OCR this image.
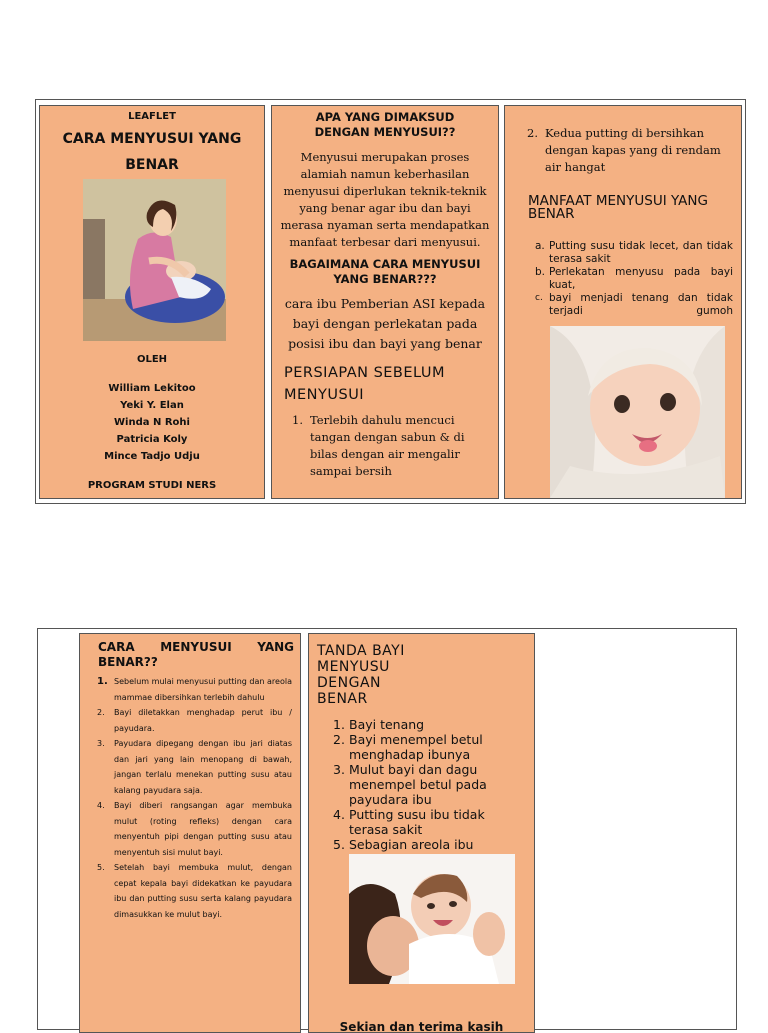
LEAFLET
CARA MENYUSUI YANG
BENAR
OLEH
William Lekitoo
Yeki Y. Elan
Winda N Rohi
Patricia Koly
Mince Tadjo Udju
PROGRAM STUDI NERS
APA YANG DIMAKSUD DENGAN MENYUSUI??
Menyusui merupakan proses alamiah namun keberhasilan menyusui diperlukan teknik-teknik yang benar agar ibu dan bayi merasa nyaman serta mendapatkan manfaat terbesar dari menyusui.
BAGAIMANA CARA MENYUSUI YANG BENAR???
cara ibu Pemberian ASI kepada bayi dengan perlekatan pada posisi ibu dan bayi yang benar
PERSIAPAN SEBELUM MENYUSUI
1. Terlebih dahulu mencuci tangan dengan sabun & di bilas dengan air mengalir sampai bersih
2. Kedua putting di bersihkan dengan kapas yang di rendam air hangat
MANFAAT MENYUSUI YANG BENAR
a. Putting susu tidak lecet, dan tidak terasa sakit
b. Perlekatan menyusu pada bayi kuat,
c. bayi menjadi tenang dan tidak terjadi gumoh
CARA MENYUSUI YANG BENAR??
1. Sebelum mulai menyusui putting dan areola mammae dibersihkan terlebih dahulu
2.	Bayi diletakkan menghadap perut ibu / payudara.
3.	Payudara dipegang dengan ibu jari diatas dan jari yang lain menopang di bawah, jangan terlalu menekan putting susu atau kalang payudara saja.
4.	Bayi diberi rangsangan agar membuka mulut (roting refleks) dengan cara menyentuh pipi dengan putting susu atau menyentuh sisi mulut bayi.
5.	Setelah bayi membuka mulut, dengan cepat kepala bayi didekatkan ke payudara ibu dan putting susu serta kalang payudara dimasukkan ke mulut bayi.
TANDA BAYI MENYUSU DENGAN BENAR
1. Bayi tenang
2. Bayi menempel betul menghadap ibunya
3. Mulut bayi dan dagu menempel betul pada payudara ibu
4. Putting susu ibu tidak terasa sakit
5. Sebagian areola ibu
Sekian dan terima kasih
